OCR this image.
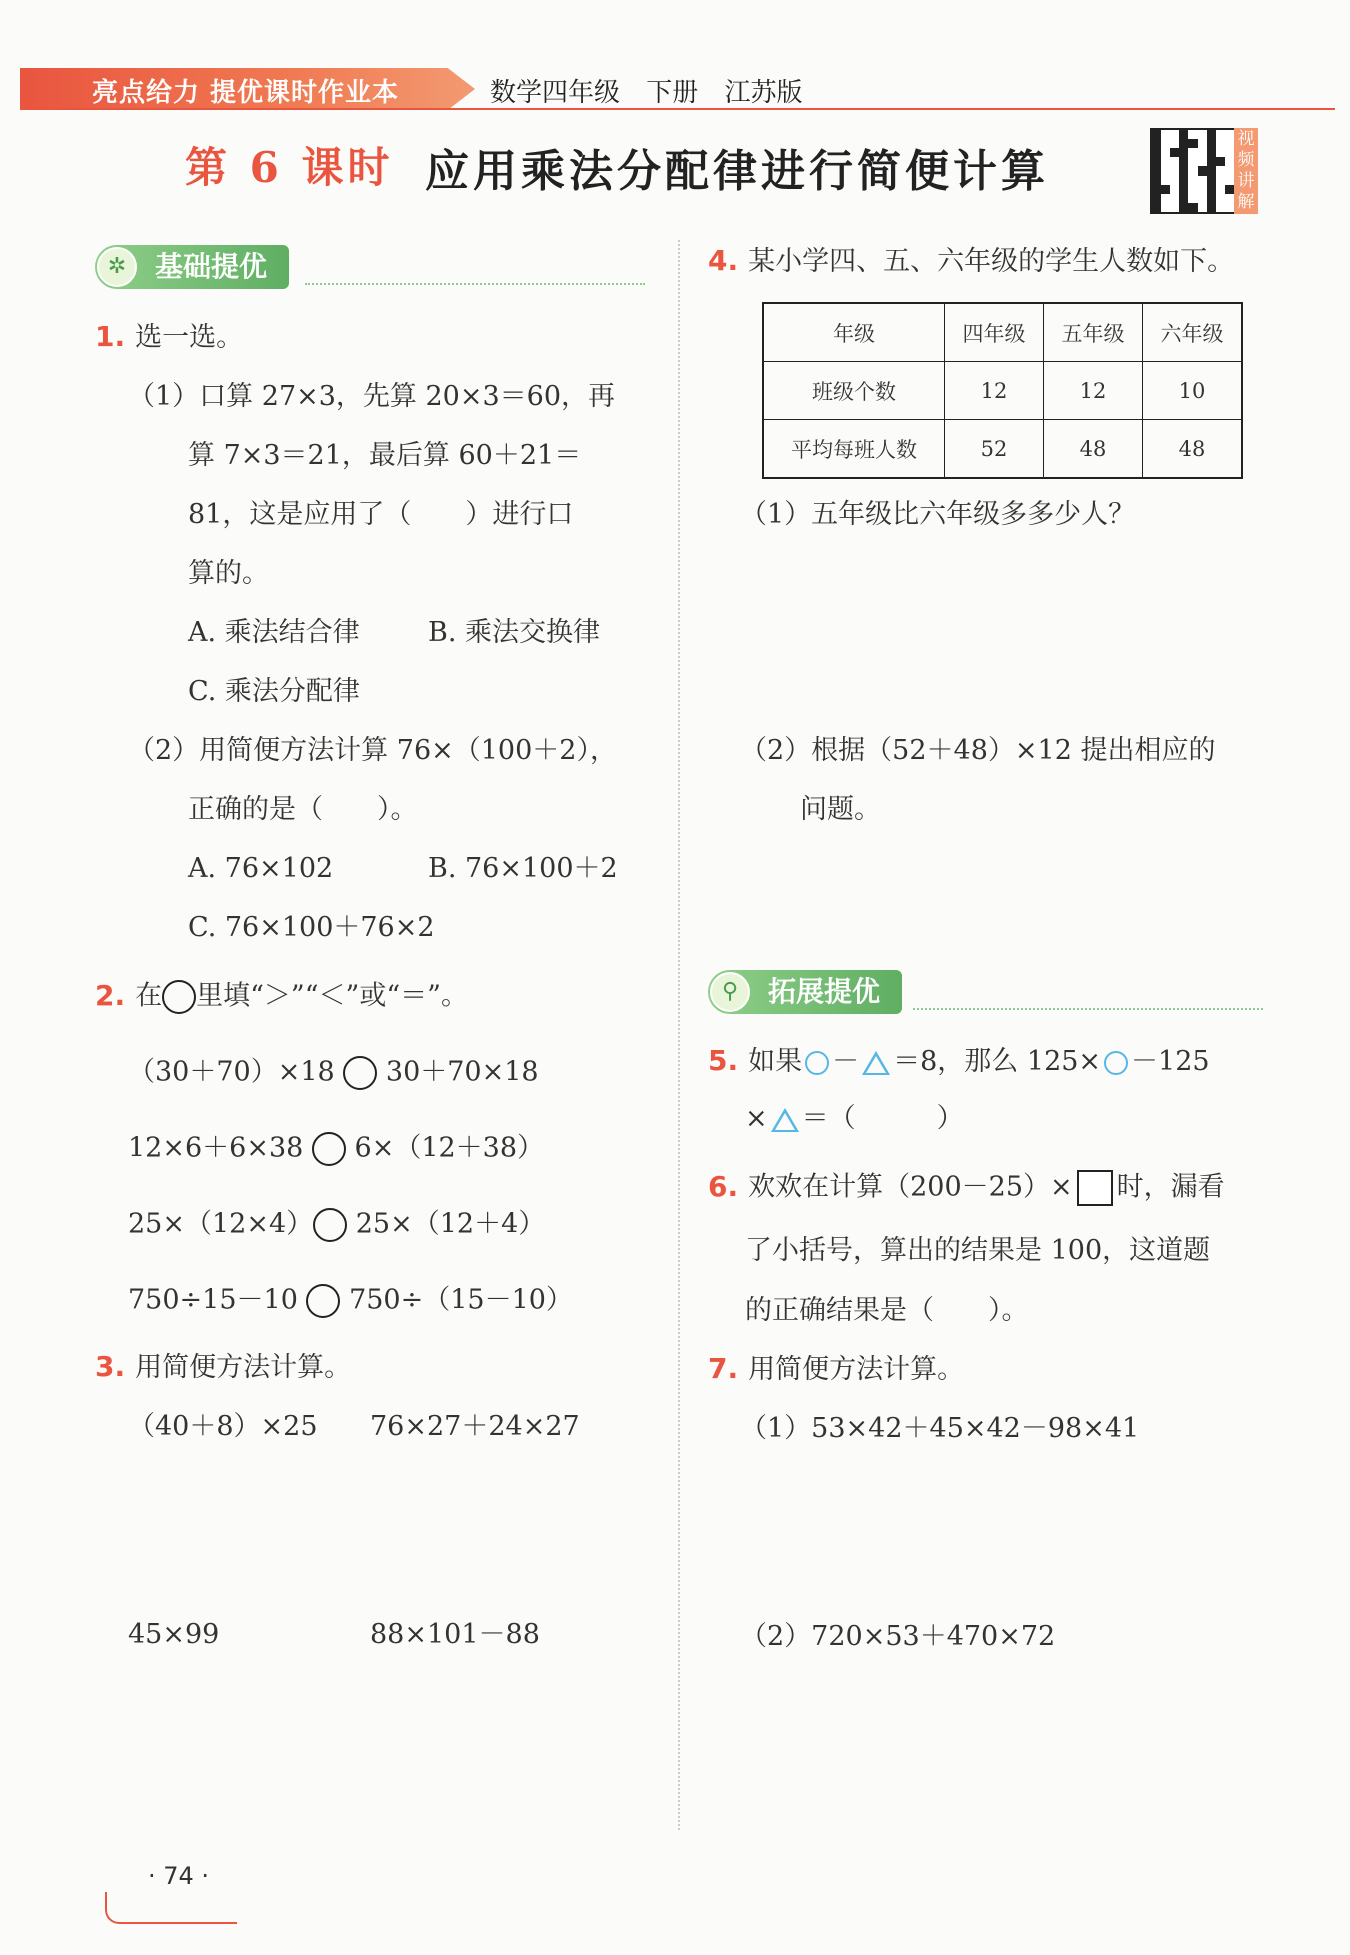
亮点给力 提优课时作业本	数学四年级 下册 江苏版
第 6 课时 应用乘法分配律进行简便计算
视频讲解
基础提优
✲
1. 选一选。
（1）口算 27×3，先算 20×3＝60，再
算 7×3＝21，最后算 60＋21＝
81，这是应用了（　　）进行口
算的。
A. 乘法结合律	B. 乘法交换律
C. 乘法分配律
（2）用简便方法计算 76×（100＋2），
正确的是（　　）。
A. 76×102	B. 76×100＋2
C. 76×100＋76×2
2. 在 里填“＞”“＜”或“＝”。
（30＋70）×18 30＋70×18
12×6＋6×38 6×（12＋38）
25×（12×4） 25×（12＋4）
750÷15－10 750÷（15－10）
3. 用简便方法计算。
（40＋8）×25 76×27＋24×27
45×99	88×101－88
4. 某小学四、五、六年级的学生人数如下。
年级	四年级	五年级	六年级
班级个数	12	12	10
平均每班人数	52	48	48
（1）五年级比六年级多多少人？
（2）根据（52＋48）×12 提出相应的
问题。
拓展提优
⚲
5. 如果 － ＝8，那么 125× －125
× ＝（　　　）
6. 欢欢在计算（200－25）× 时，漏看
了小括号，算出的结果是 100，这道题
的正确结果是（　　）。
7. 用简便方法计算。
（1）53×42＋45×42－98×41
（2）720×53＋470×72
· 74 ·
